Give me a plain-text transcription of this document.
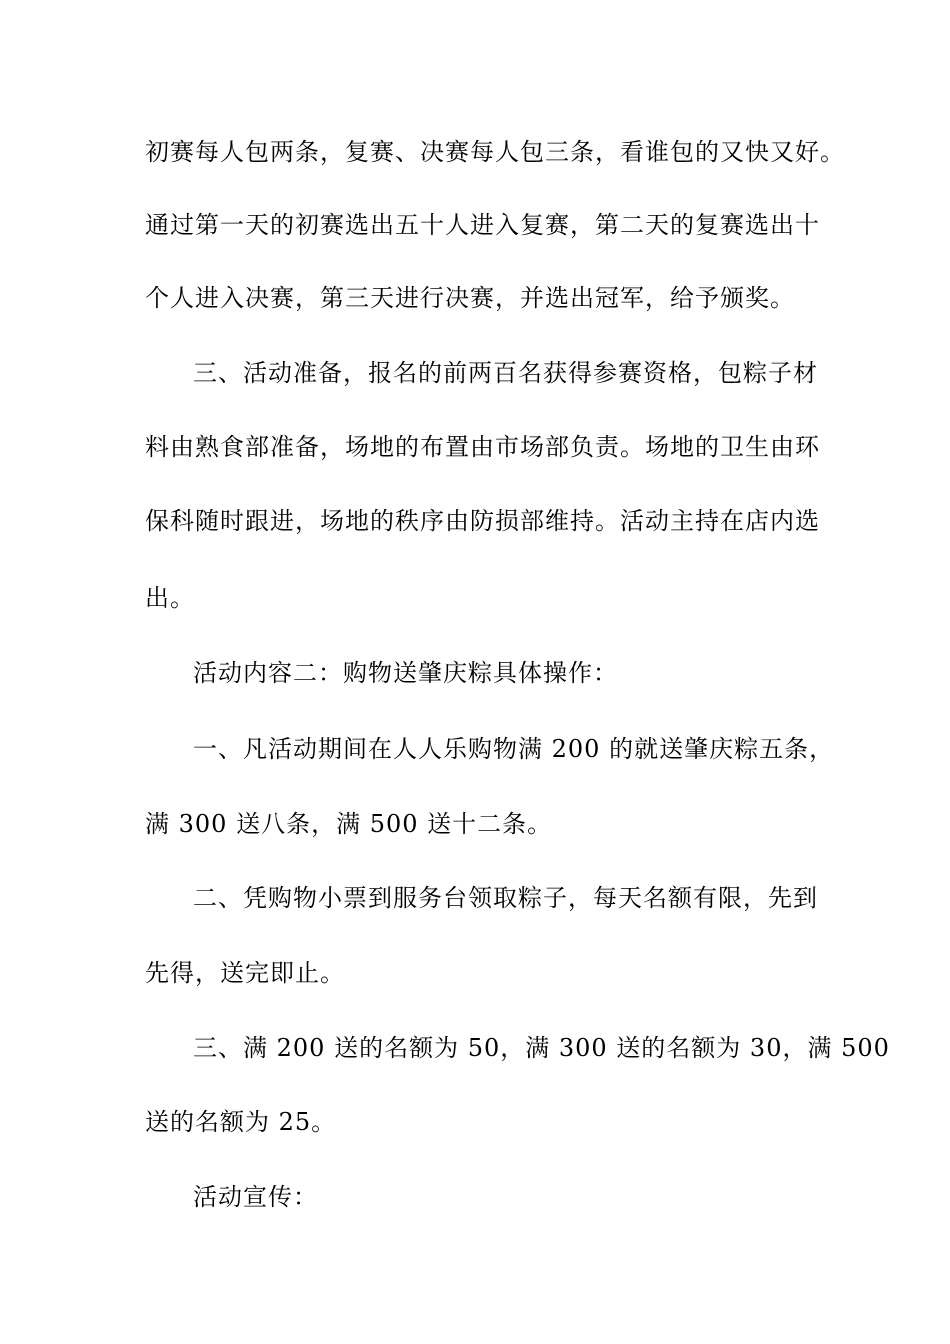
初赛每人包两条，复赛、决赛每人包三条，看谁包的又快又好。
通过第一天的初赛选出五十人进入复赛，第二天的复赛选出十
个人进入决赛，第三天进行决赛，并选出冠军，给予颁奖。
三、活动准备，报名的前两百名获得参赛资格，包粽子材
料由熟食部准备，场地的布置由市场部负责。场地的卫生由环
保科随时跟进，场地的秩序由防损部维持。活动主持在店内选
出。
活动内容二：购物送肇庆粽具体操作：
一、凡活动期间在人人乐购物满 200 的就送肇庆粽五条，
满 300 送八条，满 500 送十二条。
二、凭购物小票到服务台领取粽子，每天名额有限，先到
先得，送完即止。
三、满 200 送的名额为 50，满 300 送的名额为 30，满 500
送的名额为 25。
活动宣传：
